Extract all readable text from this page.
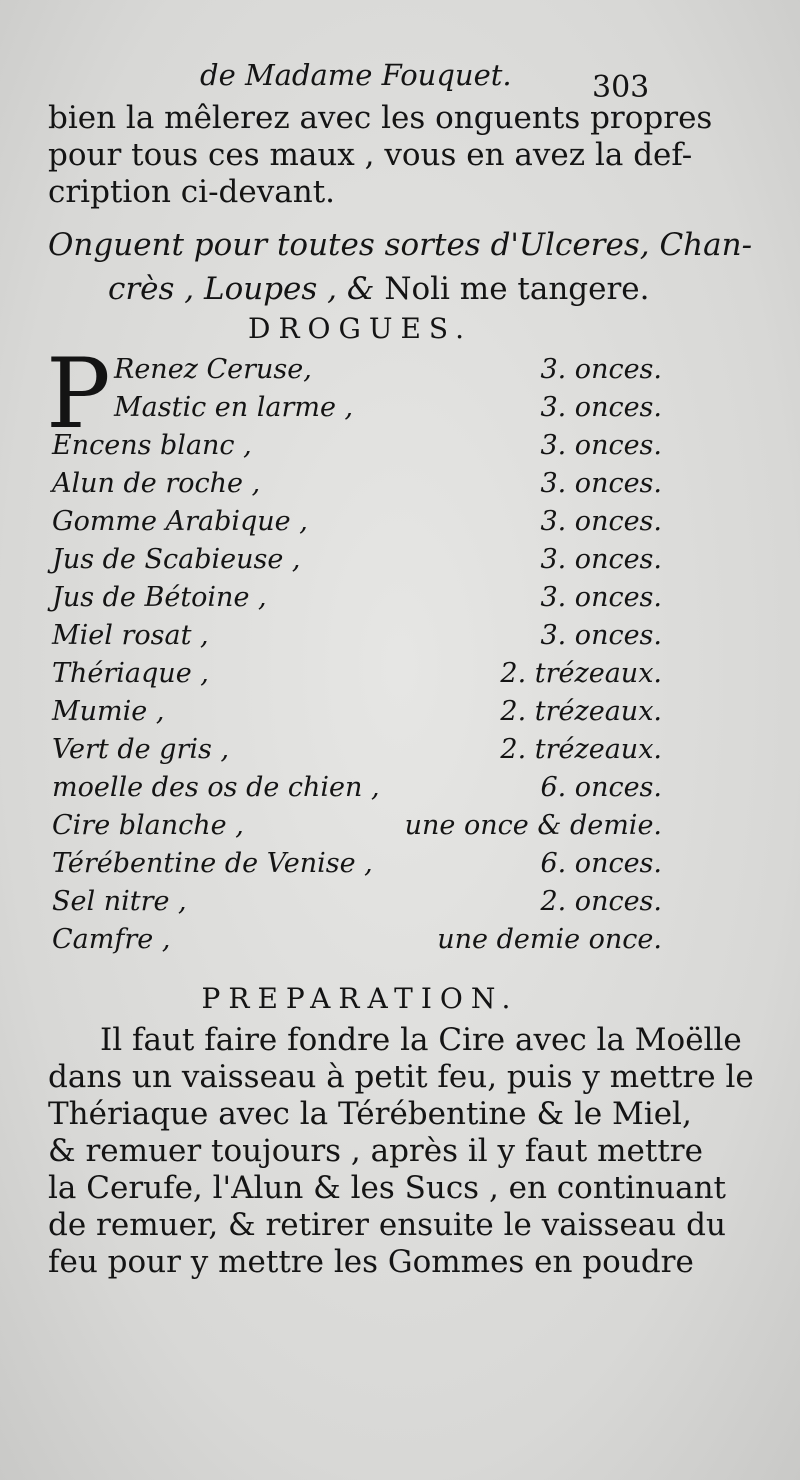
de Madame Fouquet.	303
bien la mêlerez avec les onguents propres
pour tous ces maux , vous en avez la def-
cription ci-devant.
Onguent pour toutes sortes d'Ulceres, Chan-
crès , Loupes , & Noli me tangere.
DROGUES.
P Renez Ceruse,	3. onces.
Mastic en larme ,	3. onces.
Encens blanc ,	3. onces.
Alun de roche ,	3. onces.
Gomme Arabique ,	3. onces.
Jus de Scabieuse ,	3. onces.
Jus de Bétoine ,	3. onces.
Miel rosat ,	3. onces.
Thériaque ,	2. trézeaux.
Mumie ,	2. trézeaux.
Vert de gris ,	2. trézeaux.
moelle des os de chien ,	6. onces.
Cire blanche ,	une once & demie.
Térébentine de Venise ,	6. onces.
Sel nitre ,	2. onces.
Camfre ,	une demie once.
PREPARATION.
Il faut faire fondre la Cire avec la Moëlle
dans un vaisseau à petit feu, puis y mettre le
Thériaque avec la Térébentine & le Miel,
& remuer toujours , après il y faut mettre
la Cerufe, l'Alun & les Sucs , en continuant
de remuer, & retirer ensuite le vaisseau du
feu pour y mettre les Gommes en poudre
